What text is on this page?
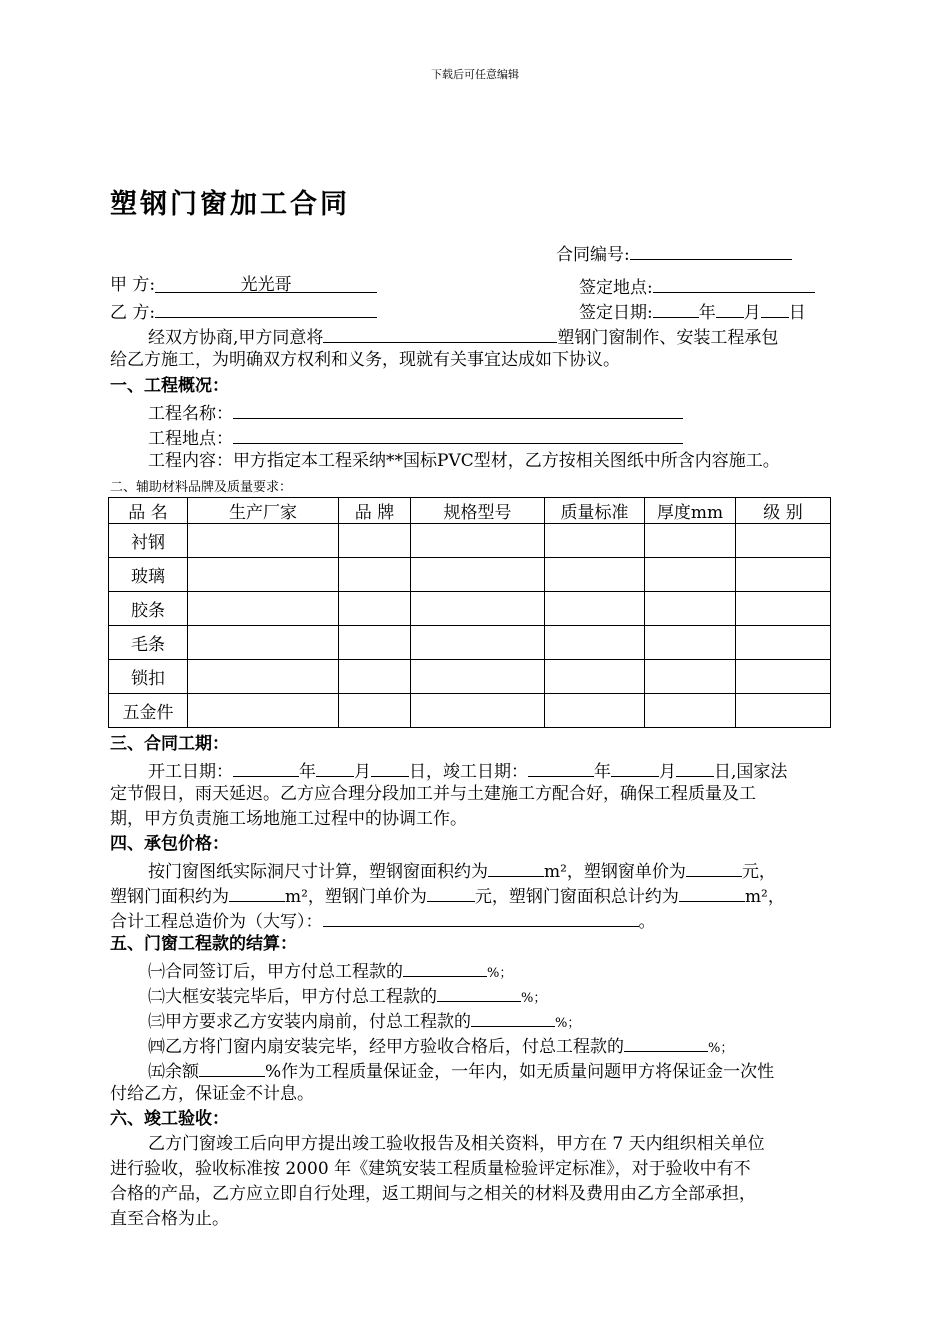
下载后可任意编辑
塑钢门窗加工合同
合同编号:
甲 方:	光光哥	签定地点:
乙 方:	签定日期:	年 月 日
经双方协商,甲方同意将	塑钢门窗制作、安装工程承包
给乙方施工，为明确双方权利和义务，现就有关事宜达成如下协议。
一、工程概况：
工程名称：
工程地点：
工程内容：甲方指定本工程采纳**国标PVC型材，乙方按相关图纸中所含内容施工。
二、辅助材料品牌及质量要求：
品 名	生产厂家	品 牌	规格型号	质量标准	厚度mm	级 别
衬钢						
玻璃						
胶条						
毛条						
锁扣						
五金件						
三、合同工期：
开工日期：	年 月 日，竣工日期：	年	月 日,国家法
定节假日，雨天延迟。乙方应合理分段加工并与土建施工方配合好，确保工程质量及工
期，甲方负责施工场地施工过程中的协调工作。
四、承包价格：
按门窗图纸实际洞尺寸计算，塑钢窗面积约为	m²，塑钢窗单价为	元，
塑钢门面积约为	m²，塑钢门单价为	元，塑钢门窗面积总计约为	m²，
合计工程总造价为（大写）：	。
五、门窗工程款的结算：
㈠合同签订后，甲方付总工程款的	%；
㈡大框安装完毕后，甲方付总工程款的	%；
㈢甲方要求乙方安装内扇前，付总工程款的	%；
㈣乙方将门窗内扇安装完毕，经甲方验收合格后，付总工程款的	%；
㈤余额	%作为工程质量保证金，一年内，如无质量问题甲方将保证金一次性
付给乙方，保证金不计息。
六、竣工验收：
乙方门窗竣工后向甲方提出竣工验收报告及相关资料，甲方在 7 天内组织相关单位
进行验收，验收标准按 2000 年《建筑安装工程质量检验评定标准》，对于验收中有不
合格的产品，乙方应立即自行处理，返工期间与之相关的材料及费用由乙方全部承担，
直至合格为止。
